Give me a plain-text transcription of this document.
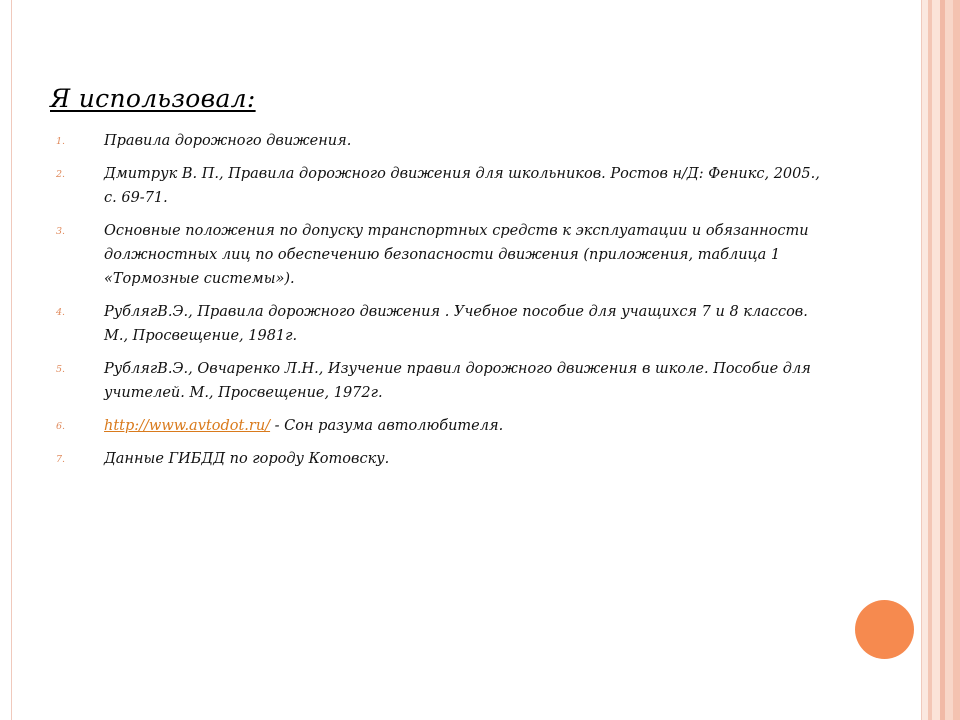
Я использовал:
1.	Правила дорожного движения.
2.	Дмитрук В. П., Правила дорожного движения для школьников. Ростов н/Д: Феникс, 2005., с. 69-71.
3.	Основные положения по допуску транспортных средств к эксплуатации и обязанности должностных лиц по обеспечению безопасности движения (приложения, таблица 1 «Тормозные системы»).
4.	РублягВ.Э., Правила дорожного движения . Учебное пособие для учащихся 7 и 8 классов. М., Просвещение, 1981г.
5.	РублягВ.Э., Овчаренко Л.Н., Изучение правил дорожного движения в школе. Пособие для учителей. М., Просвещение, 1972г.
6.	http://www.avtodot.ru/ - Сон разума автолюбителя.
7.	Данные ГИБДД по городу Котовску.
